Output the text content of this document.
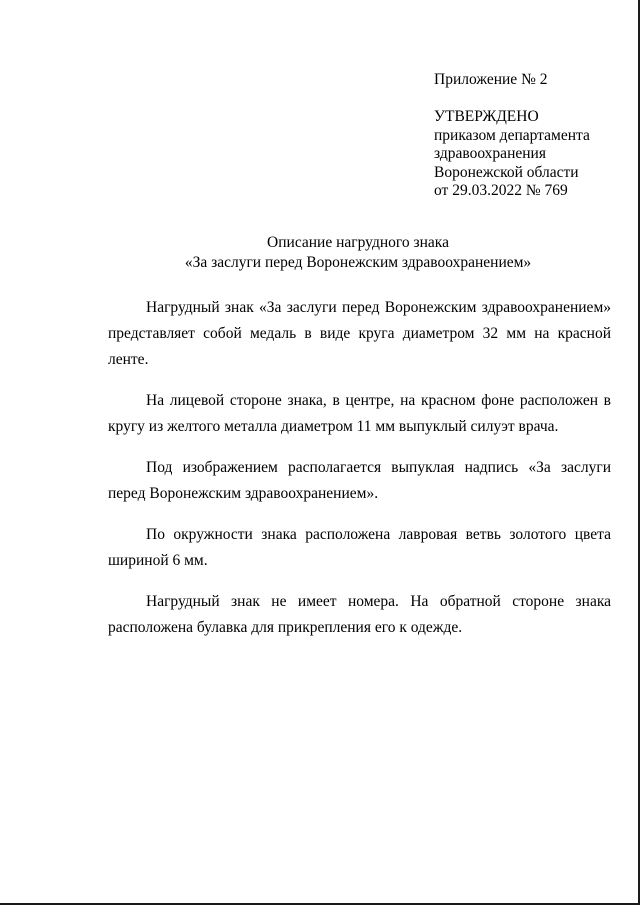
Приложение № 2
УТВЕРЖДЕНО
приказом департамента
здравоохранения
Воронежской области
от 29.03.2022 № 769
Описание нагрудного знака
«За заслуги перед Воронежским здравоохранением»

Нагрудный знак «За заслуги перед Воронежским здравоохранением» представляет собой медаль в виде круга диаметром 32 мм на красной ленте.

На лицевой стороне знака, в центре, на красном фоне расположен в кругу из желтого металла диаметром 11 мм выпуклый силуэт врача.

Под изображением располагается выпуклая надпись «За заслуги перед Воронежским здравоохранением».

По окружности знака расположена лавровая ветвь золотого цвета шириной 6 мм.

Нагрудный знак не имеет номера. На обратной стороне знака расположена булавка для прикрепления его к одежде.
